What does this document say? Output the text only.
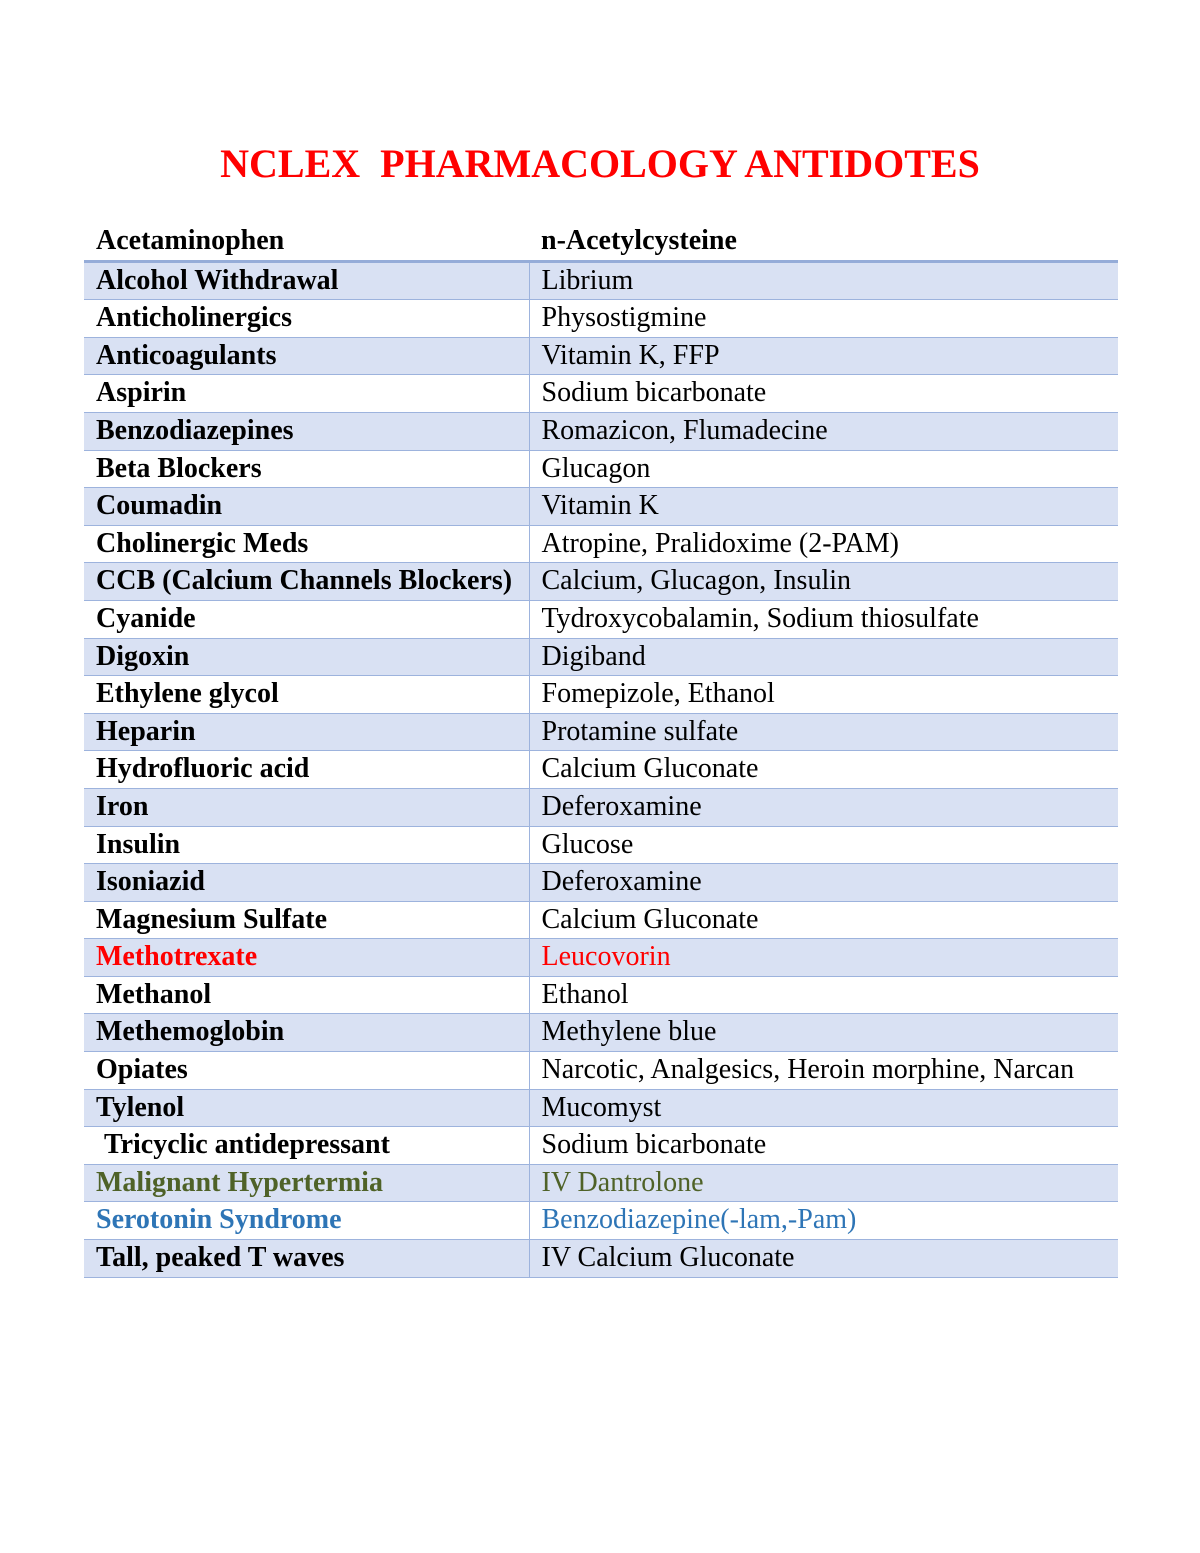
NCLEX  PHARMACOLOGY ANTIDOTES
Acetaminophen	n-Acetylcysteine
Alcohol Withdrawal	Librium
Anticholinergics	Physostigmine
Anticoagulants	Vitamin K, FFP
Aspirin	Sodium bicarbonate
Benzodiazepines	Romazicon, Flumadecine
Beta Blockers	Glucagon
Coumadin	Vitamin K
Cholinergic Meds	Atropine, Pralidoxime (2-PAM)
CCB (Calcium Channels Blockers)	Calcium, Glucagon, Insulin
Cyanide	Tydroxycobalamin, Sodium thiosulfate
Digoxin	Digiband
Ethylene glycol	Fomepizole, Ethanol
Heparin	Protamine sulfate
Hydrofluoric acid	Calcium Gluconate
Iron	Deferoxamine
Insulin	Glucose
Isoniazid	Deferoxamine
Magnesium Sulfate	Calcium Gluconate
Methotrexate	Leucovorin
Methanol	Ethanol
Methemoglobin	Methylene blue
Opiates	Narcotic, Analgesics, Heroin morphine, Narcan
Tylenol	Mucomyst
Tricyclic antidepressant	Sodium bicarbonate
Malignant Hypertermia	IV Dantrolone
Serotonin Syndrome	Benzodiazepine(-lam,-Pam)
Tall, peaked T waves	IV Calcium Gluconate
